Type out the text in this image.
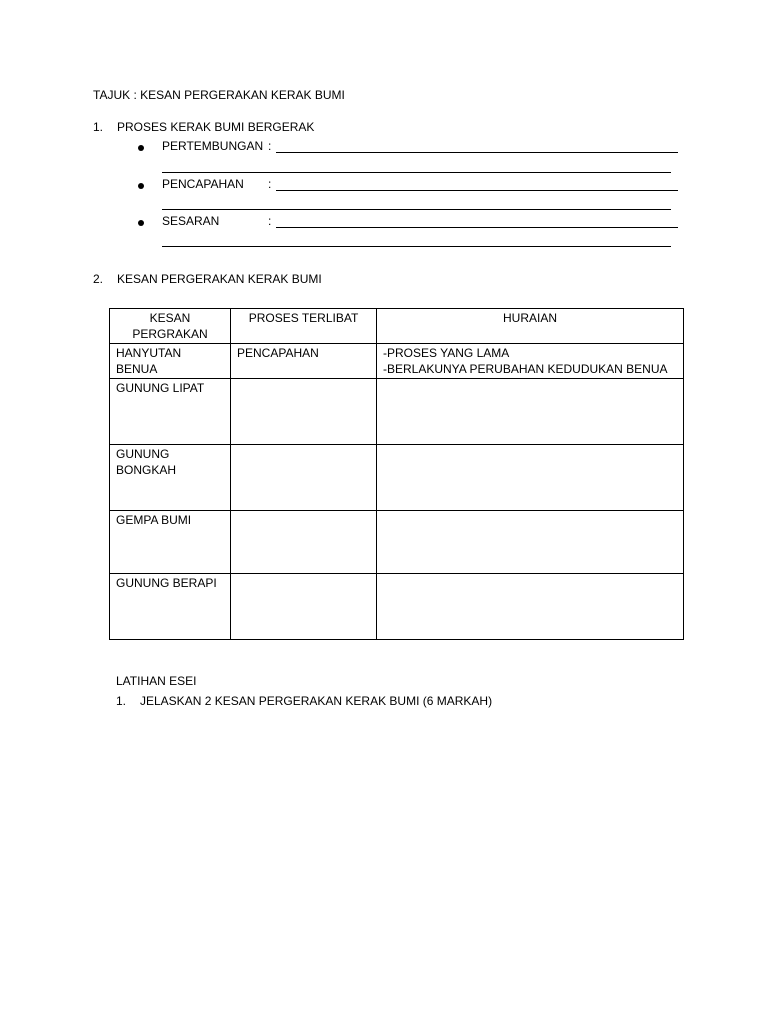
TAJUK : KESAN PERGERAKAN KERAK BUMI
1. PROSES KERAK BUMI BERGERAK
PERTEMBUNGAN :
PENCAPAHAN :
SESARAN	:
2. KESAN PERGERAKAN KERAK BUMI
KESAN
PERGRAKAN	PROSES TERLIBAT	HURAIAN

HANYUTAN
BENUA	PENCAPAHAN	-PROSES YANG LAMA
-BERLAKUNYA PERUBAHAN KEDUDUKAN BENUA

GUNUNG LIPAT		

GUNUNG
BONGKAH		

GEMPA BUMI		

GUNUNG BERAPI		

LATIHAN ESEI
1. JELASKAN 2 KESAN PERGERAKAN KERAK BUMI (6 MARKAH)
